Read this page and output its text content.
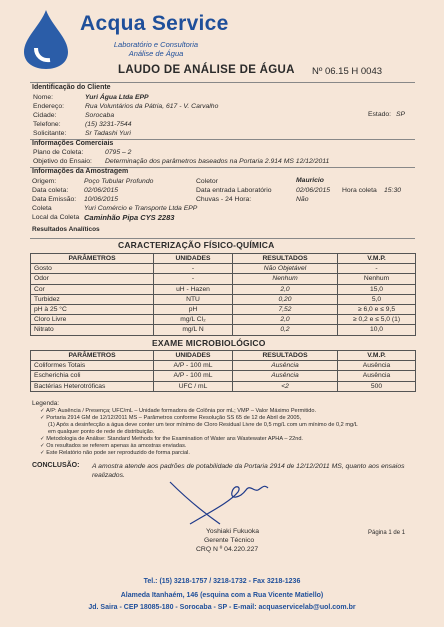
Acqua Service
Laboratório e Consultoria
Análise de Água
LAUDO DE ANÁLISE DE ÁGUA Nº 06.15 H 0043
Identificação do Cliente
Nome:	Yuri Água Ltda EPP
Endereço:	Rua Voluntários da Pátria, 617 - V. Carvalho
Cidade:	Sorocaba
Telefone:	(15) 3231-7544
Solicitante:	Sr Tadashi Yuri
Estado: SP
Informações Comerciais
Plano de Coleta:	0795 – 2
Objetivo do Ensaio:	Determinação dos parâmetros baseados na Portaria 2.914 MS 12/12/2011
Informações da Amostragem
Origem:	Poço Tubular Profundo	Coletor	Mauricio
Data coleta: 02/06/2015	Data entrada Laboratório	02/06/2015 Hora coleta 15:30
Data Emissão: 10/06/2015	Chuvas - 24 Hora:	Não
Coleta	Yuri Comércio e Transporte Ltda EPP
Local da Coleta Caminhão Pipa CYS 2283
Resultados Analíticos
CARACTERIZAÇÃO FÍSICO-QUÍMICA
PARÂMETROS	UNIDADES	RESULTADOS	V.M.P.
Gosto	-	Não Objetável	-
Odor	-	Nenhum	Nenhum
Cor	uH - Hazen	2,0	15,0
Turbidez	NTU	0,20	5,0
pH à 25 °C	pH	7,52	≥ 6,0 e ≤ 9,5
Cloro Livre	mg/L Cl₂	2,0	≥ 0,2 e ≤ 5,0 (1)
Nitrato	mg/L N	0,2	10,0
EXAME MICROBIOLÓGICO
PARÂMETROS	UNIDADES	RESULTADOS	V.M.P.
Coliformes Totais	A/P - 100 mL	Ausência	Ausência
Escherichia coli	A/P - 100 mL	Ausência	Ausência
Bactérias Heterotróficas	UFC / mL	<2	500
Legenda:
✓ A/P: Ausência / Presença; UFC/mL – Unidade formadora de Colônia por mL; VMP – Valor Máximo Permitido.
✓ Portaria 2914 GM de 12/12/2011 MS – Parâmetros conforme Resolução SS 65 de 12 de Abril de 2005,
(1) Após a desinfecção a água deve conter um teor mínimo de Cloro Residual Livre de 0,5 mg/L com um mínimo de 0,2 mg/L
em qualquer ponto de rede de distribuição.
✓ Metodologia de Análise: Standard Methods for the Examination of Water ans Wastewater APHA – 22nd.
✓ Os resultados se referem apenas às amostras enviadas.
✓ Este Relatório não pode ser reproduzido de forma parcial.
CONCLUSÃO: A amostra atende aos padrões de potabilidade da Portaria 2914 de 12/12/2011 MS, quanto aos ensaios realizados.
Yoshiaki Fukuoka
Gerente Técnico
CRQ N º 04.220.227
Página 1 de 1
Tel.: (15) 3218-1757 / 3218-1732 - Fax 3218-1236
Alameda Itanhaém, 146 (esquina com a Rua Vicente Matiello)
Jd. Saira - CEP 18085-180 - Sorocaba - SP - E-mail: acquaservicelab@uol.com.br
